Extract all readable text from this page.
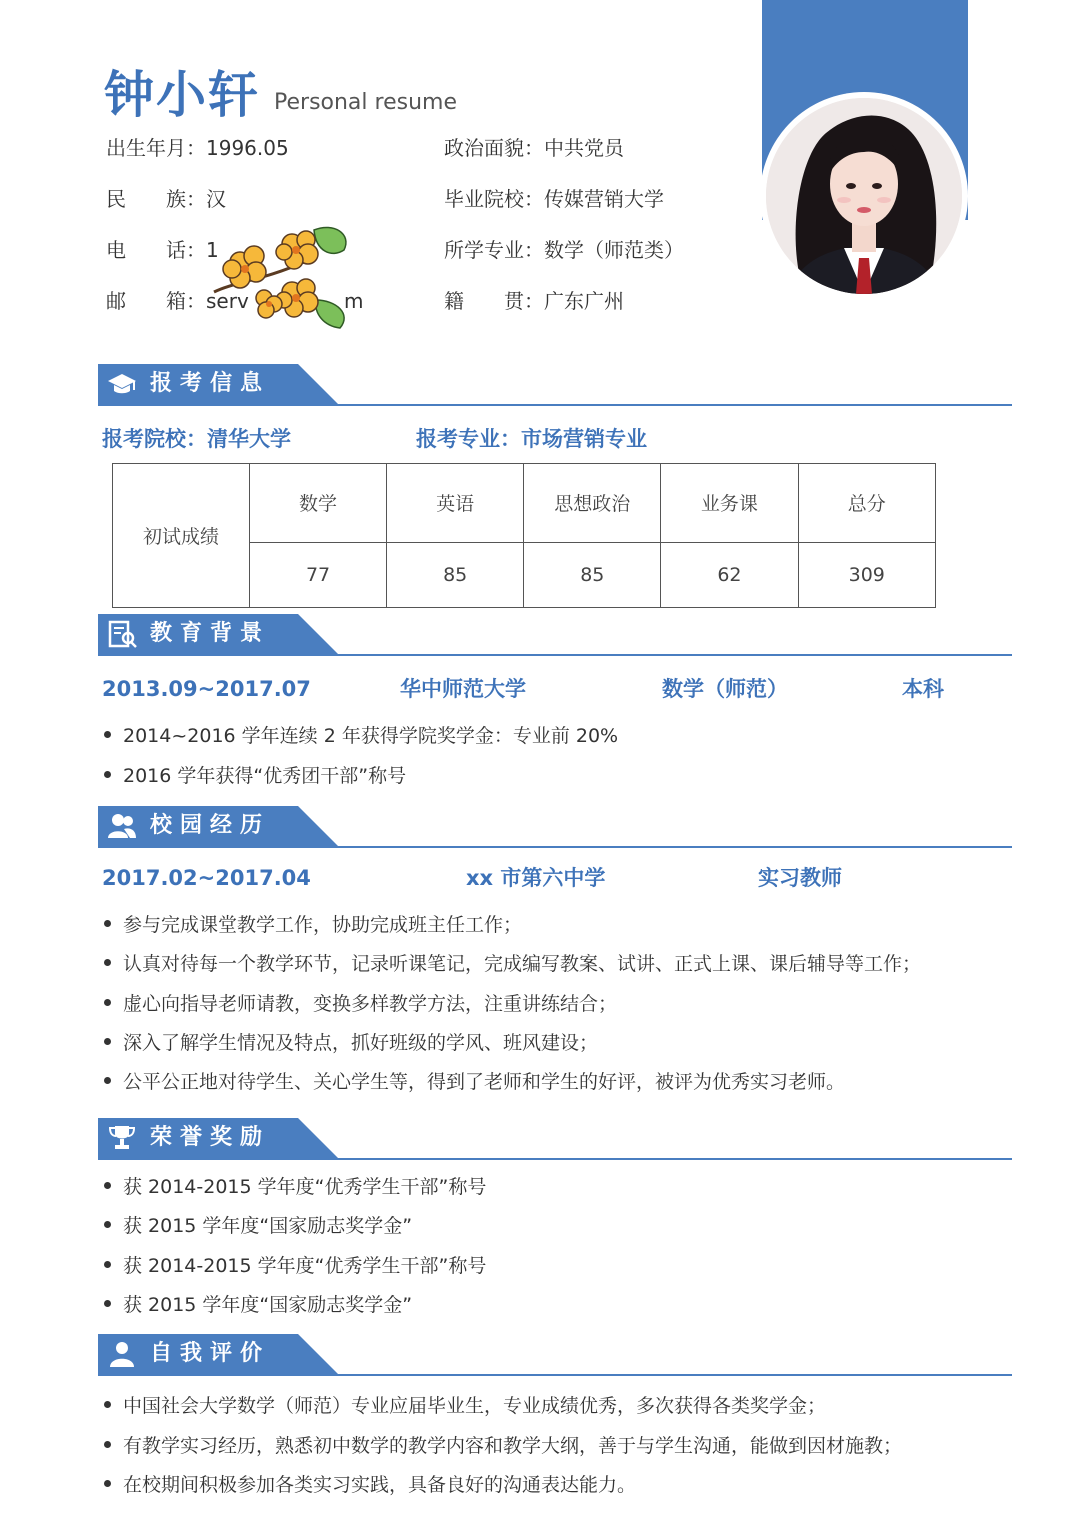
钟小轩 Personal resume
出生年月：1996.05
民　　族：汉
电　　话：1
邮　　箱：serv	m
政治面貌：中共党员
毕业院校：传媒营销大学
所学专业：数学（师范类）
籍　　贯：广东广州
报考信息
报考院校：清华大学	报考专业：市场营销专业
初试成绩	数学	英语	思想政治	业务课	总分
	77	85	85	62	309
教育背景
2013.09~2017.07	华中师范大学	数学（师范）	本科
2014~2016 学年连续 2 年获得学院奖学金：专业前 20%
2016 学年获得“优秀团干部”称号
校园经历
2017.02~2017.04	xx 市第六中学	实习教师
参与完成课堂教学工作，协助完成班主任工作；
认真对待每一个教学环节，记录听课笔记，完成编写教案、试讲、正式上课、课后辅导等工作；
虚心向指导老师请教，变换多样教学方法，注重讲练结合；
深入了解学生情况及特点，抓好班级的学风、班风建设；
公平公正地对待学生、关心学生等，得到了老师和学生的好评，被评为优秀实习老师。
荣誉奖励
获 2014-2015 学年度“优秀学生干部”称号
获 2015 学年度“国家励志奖学金”
获 2014-2015 学年度“优秀学生干部”称号
获 2015 学年度“国家励志奖学金”
自我评价
中国社会大学数学（师范）专业应届毕业生，专业成绩优秀，多次获得各类奖学金；
有教学实习经历，熟悉初中数学的教学内容和教学大纲，善于与学生沟通，能做到因材施教；
在校期间积极参加各类实习实践，具备良好的沟通表达能力。
